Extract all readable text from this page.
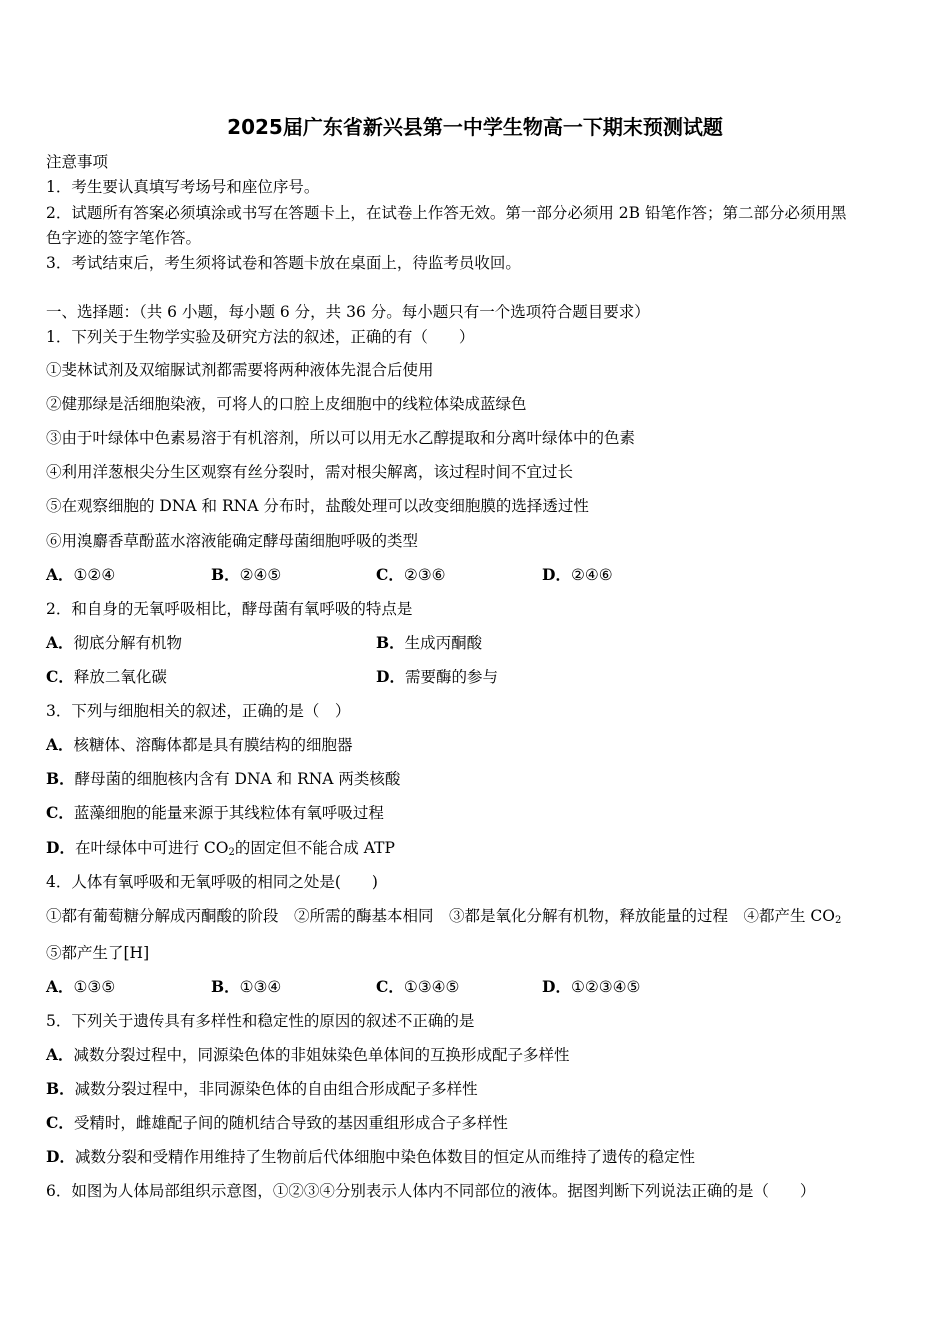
2025届广东省新兴县第一中学生物高一下期末预测试题
注意事项
1．考生要认真填写考场号和座位序号。
2．试题所有答案必须填涂或书写在答题卡上，在试卷上作答无效。第一部分必须用 2B 铅笔作答；第二部分必须用黑
色字迹的签字笔作答。
3．考试结束后，考生须将试卷和答题卡放在桌面上，待监考员收回。
一、选择题：（共 6 小题，每小题 6 分，共 36 分。每小题只有一个选项符合题目要求）
1．下列关于生物学实验及研究方法的叙述，正确的有（　　）
①斐林试剂及双缩脲试剂都需要将两种液体先混合后使用
②健那绿是活细胞染液，可将人的口腔上皮细胞中的线粒体染成蓝绿色
③由于叶绿体中色素易溶于有机溶剂，所以可以用无水乙醇提取和分离叶绿体中的色素
④利用洋葱根尖分生区观察有丝分裂时，需对根尖解离，该过程时间不宜过长
⑤在观察细胞的 DNA 和 RNA 分布时，盐酸处理可以改变细胞膜的选择透过性
⑥用溴麝香草酚蓝水溶液能确定酵母菌细胞呼吸的类型
A．①②④	B．②④⑤	C．②③⑥	D．②④⑥
2．和自身的无氧呼吸相比，酵母菌有氧呼吸的特点是
A．彻底分解有机物	B．生成丙酮酸
C．释放二氧化碳	D．需要酶的参与
3．下列与细胞相关的叙述，正确的是（　）
A．核糖体、溶酶体都是具有膜结构的细胞器
B．酵母菌的细胞核内含有 DNA 和 RNA 两类核酸
C．蓝藻细胞的能量来源于其线粒体有氧呼吸过程
D．在叶绿体中可进行 $CO_2$的固定但不能合成 ATP
4．人体有氧呼吸和无氧呼吸的相同之处是(　　)
①都有葡萄糖分解成丙酮酸的阶段　②所需的酶基本相同　③都是氧化分解有机物，释放能量的过程　④都产生 $CO_2$
⑤都产生了[H]
A．①③⑤	B．①③④	C．①③④⑤	D．①②③④⑤
5．下列关于遗传具有多样性和稳定性的原因的叙述不正确的是
A．减数分裂过程中，同源染色体的非姐妹染色单体间的互换形成配子多样性
B．减数分裂过程中，非同源染色体的自由组合形成配子多样性
C．受精时，雌雄配子间的随机结合导致的基因重组形成合子多样性
D．减数分裂和受精作用维持了生物前后代体细胞中染色体数目的恒定从而维持了遗传的稳定性
6．如图为人体局部组织示意图，①②③④分别表示人体内不同部位的液体。据图判断下列说法正确的是（　　）
